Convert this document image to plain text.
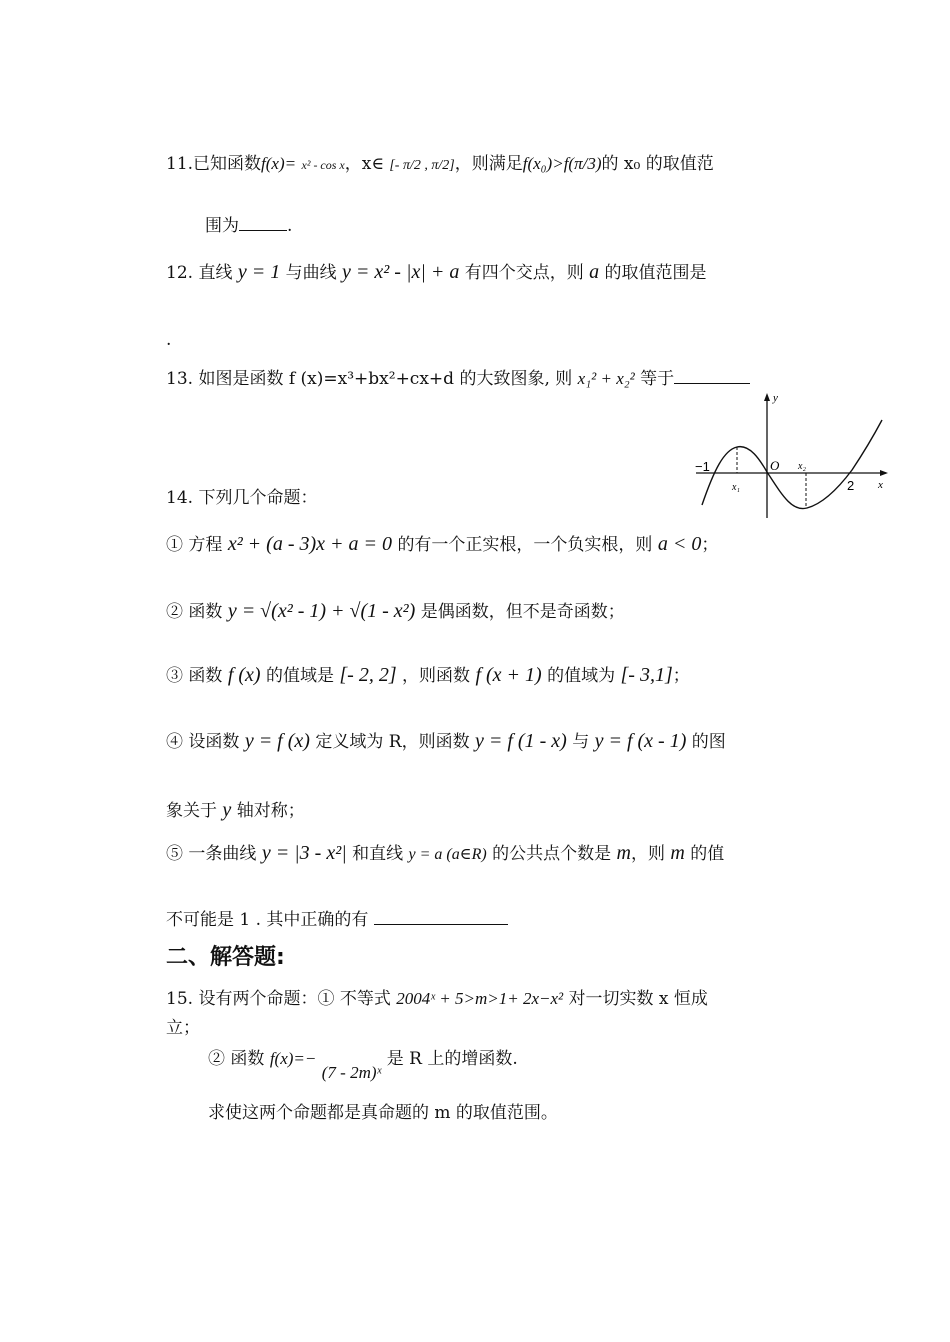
11.已知函数f(x)= x² - cos x，x∈ [- π/2 , π/2]，则满足f(x₀)>f(π/3)的 x₀ 的取值范
围为	.
12. 直线 y = 1 与曲线 y = x² - |x| + a 有四个交点，则 a 的取值范围是
.
13. 如图是函数 f (x)=x³+bx²+cx+d 的大致图象, 则 x₁² + x₂² 等于
y
x
O
−1
2
x₁
x₂
14. 下列几个命题：
① 方程 x² + (a - 3)x + a = 0 的有一个正实根，一个负实根，则 a < 0；
② 函数 y = √(x² - 1) + √(1 - x²) 是偶函数，但不是奇函数；
③ 函数 f (x) 的值域是 [- 2, 2] ，则函数 f (x + 1) 的值域为 [- 3,1]；
④ 设函数 y = f (x) 定义域为 R，则函数 y = f (1 - x) 与 y = f (x - 1) 的图
象关于 y 轴对称；
⑤ 一条曲线 y = |3 - x²| 和直线 y = a (a∈R) 的公共点个数是 m，则 m 的值
不可能是 1 . 其中正确的有
二、解答题:
15. 设有两个命题：① 不等式 2004ˣ + 5>m>1+ 2x−x² 对一切实数 x 恒成
立；
② 函数 f(x)=− (7 - 2m)ˣ 是 R 上的增函数.
求使这两个命题都是真命题的 m 的取值范围。
